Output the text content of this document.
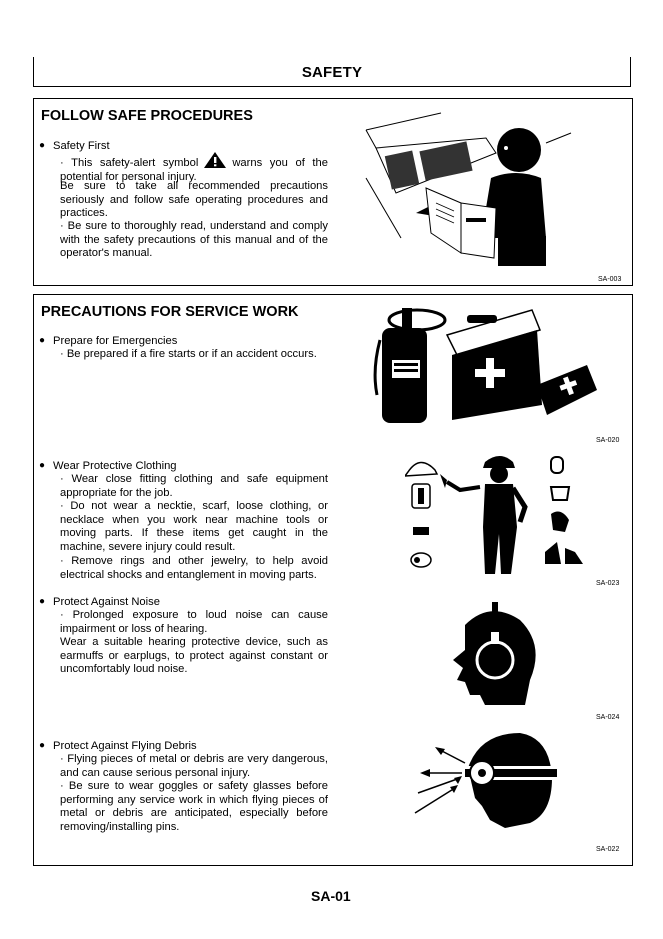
SAFETY
FOLLOW SAFE PROCEDURES
● Safety First
· This safety-alert symbol	warns you of the potential for personal injury.
Be sure to take all recommended precautions seriously and follow safe operating procedures and practices.
· Be sure to thoroughly read, understand and comply with the safety precautions of this manual and of the operator's manual.
SA-003
PRECAUTIONS FOR SERVICE WORK
● Prepare for Emergencies
· Be prepared if a fire starts or if an accident occurs.
SA-020
● Wear Protective Clothing
· Wear close fitting clothing and safe equipment appropriate for the job.
· Do not wear a necktie, scarf, loose clothing, or necklace when you work near machine tools or moving parts. If these items get caught in the machine, severe injury could result.
· Remove rings and other jewelry, to help avoid electrical shocks and entanglement in moving parts.
SA-023
● Protect Against Noise
· Prolonged exposure to loud noise can cause impairment or loss of hearing.
Wear a suitable hearing protective device, such as earmuffs or earplugs, to protect against constant or uncomfortably loud noise.
SA-024
● Protect Against Flying Debris
· Flying pieces of metal or debris are very dangerous, and can cause serious personal injury.
· Be sure to wear goggles or safety glasses before performing any service work in which flying pieces of metal or debris are anticipated, especially before removing/installing pins.
SA-022
SA-01
